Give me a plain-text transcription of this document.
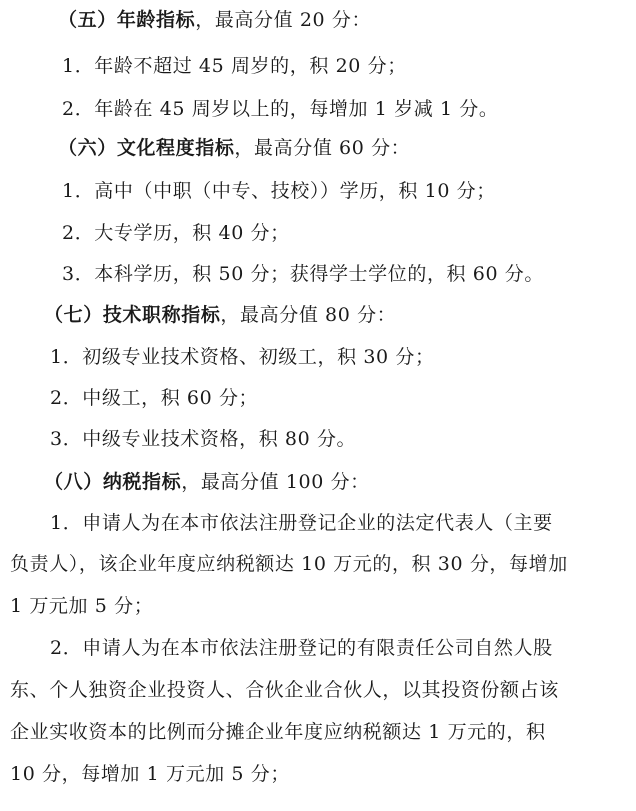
（五）年龄指标，最高分值 20 分：
1．年龄不超过 45 周岁的，积 20 分；
2．年龄在 45 周岁以上的，每增加 1 岁减 1 分。
（六）文化程度指标，最高分值 60 分：
1．高中（中职（中专、技校））学历，积 10 分；
2．大专学历，积 40 分；
3．本科学历，积 50 分；获得学士学位的，积 60 分。
（七）技术职称指标，最高分值 80 分：
1．初级专业技术资格、初级工，积 30 分；
2．中级工，积 60 分；
3．中级专业技术资格，积 80 分。
（八）纳税指标，最高分值 100 分：
1．申请人为在本市依法注册登记企业的法定代表人（主要
负责人），该企业年度应纳税额达 10 万元的，积 30 分，每增加
1 万元加 5 分；
2．申请人为在本市依法注册登记的有限责任公司自然人股
东、个人独资企业投资人、合伙企业合伙人，以其投资份额占该
企业实收资本的比例而分摊企业年度应纳税额达 1 万元的，积
10 分，每增加 1 万元加 5 分；
